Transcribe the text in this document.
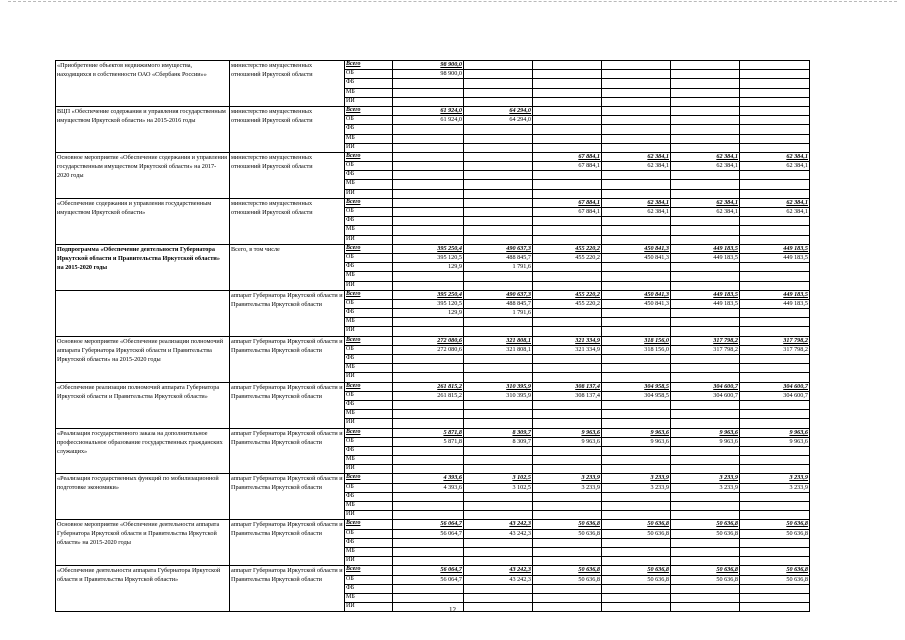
«Приобретение объектов недвижимого имущества, находящихся в собственности ОАО «Сбербанк России»»	министерство имущественных отношений Иркутской области	Всего	98 900,0					
		ОБ	98 900,0					
		ФБ						
		МБ						
		ИИ						
ВЦП «Обеспечение содержания и управления государственным имуществом Иркутской области» на 2015-2016 годы	министерство имущественных отношений Иркутской области	Всего	61 924,0	64 294,0				
		ОБ	61 924,0	64 294,0				
		ФБ						
		МБ						
		ИИ						
Основное мероприятие «Обеспечение содержания и управления государственным имуществом Иркутской области» на 2017-2020 годы	министерство имущественных отношений Иркутской области	Всего			67 884,1	62 384,1	62 384,1	62 384,1
		ОБ			67 884,1	62 384,1	62 384,1	62 384,1
		ФБ						
		МБ						
		ИИ						
«Обеспечение содержания и управления государственным имуществом Иркутской области»	министерство имущественных отношений Иркутской области	Всего			67 884,1	62 384,1	62 384,1	62 384,1
		ОБ			67 884,1	62 384,1	62 384,1	62 384,1
		ФБ						
		МБ						
		ИИ						
Подпрограмма «Обеспечение деятельности Губернатора Иркутской области и Правительства Иркутской области» на 2015-2020 годы	Всего, в том числе	Всего	395 250,4	490 637,3	455 220,2	450 841,3	449 183,5	449 183,5
		ОБ	395 120,5	488 845,7	455 220,2	450 841,3	449 183,5	449 183,5
		ФБ	129,9	1 791,6				
		МБ						
		ИИ						
	аппарат Губернатора Иркутской области и Правительства Иркутской области	Всего	395 250,4	490 637,3	455 220,2	450 841,3	449 183,5	449 183,5
		ОБ	395 120,5	488 845,7	455 220,2	450 841,3	449 183,5	449 183,5
		ФБ	129,9	1 791,6				
		МБ						
		ИИ						
Основное мероприятие «Обеспечение реализации полномочий аппарата Губернатора Иркутской области и Правительства Иркутской области» на 2015-2020 годы	аппарат Губернатора Иркутской области и Правительства Иркутской области	Всего	272 080,6	321 808,1	321 334,9	318 156,0	317 798,2	317 798,2
		ОБ	272 080,6	321 808,1	321 334,9	318 156,0	317 798,2	317 798,2
		ФБ						
		МБ						
		ИИ						
«Обеспечение реализации полномочий аппарата Губернатора Иркутской области и Правительства Иркутской области»	аппарат Губернатора Иркутской области и Правительства Иркутской области	Всего	261 815,2	310 395,9	308 137,4	304 958,5	304 600,7	304 600,7
		ОБ	261 815,2	310 395,9	308 137,4	304 958,5	304 600,7	304 600,7
		ФБ						
		МБ						
		ИИ						
«Реализация государственного заказа на дополнительное профессиональное образование государственных гражданских служащих»	аппарат Губернатора Иркутской области и Правительства Иркутской области	Всего	5 871,8	8 309,7	9 963,6	9 963,6	9 963,6	9 963,6
		ОБ	5 871,8	8 309,7	9 963,6	9 963,6	9 963,6	9 963,6
		ФБ						
		МБ						
		ИИ						
«Реализация государственных функций по мобилизационной подготовке экономики»	аппарат Губернатора Иркутской области и Правительства Иркутской области	Всего	4 393,6	3 102,5	3 233,9	3 233,9	3 233,9	3 233,9
		ОБ	4 393,6	3 102,5	3 233,9	3 233,9	3 233,9	3 233,9
		ФБ						
		МБ						
		ИИ						
Основное мероприятие «Обеспечение деятельности аппарата Губернатора Иркутской области и Правительства Иркутской области» на 2015-2020 годы	аппарат Губернатора Иркутской области и Правительства Иркутской области	Всего	56 064,7	43 242,3	50 636,8	50 636,8	50 636,8	50 636,8
		ОБ	56 064,7	43 242,3	50 636,8	50 636,8	50 636,8	50 636,8
		ФБ						
		МБ						
		ИИ						
«Обеспечение деятельности аппарата Губернатора Иркутской области и Правительства Иркутской области»	аппарат Губернатора Иркутской области и Правительства Иркутской области	Всего	56 064,7	43 242,3	50 636,8	50 636,8	50 636,8	50 636,8
		ОБ	56 064,7	43 242,3	50 636,8	50 636,8	50 636,8	50 636,8
		ФБ						
		МБ						
		ИИ							12
